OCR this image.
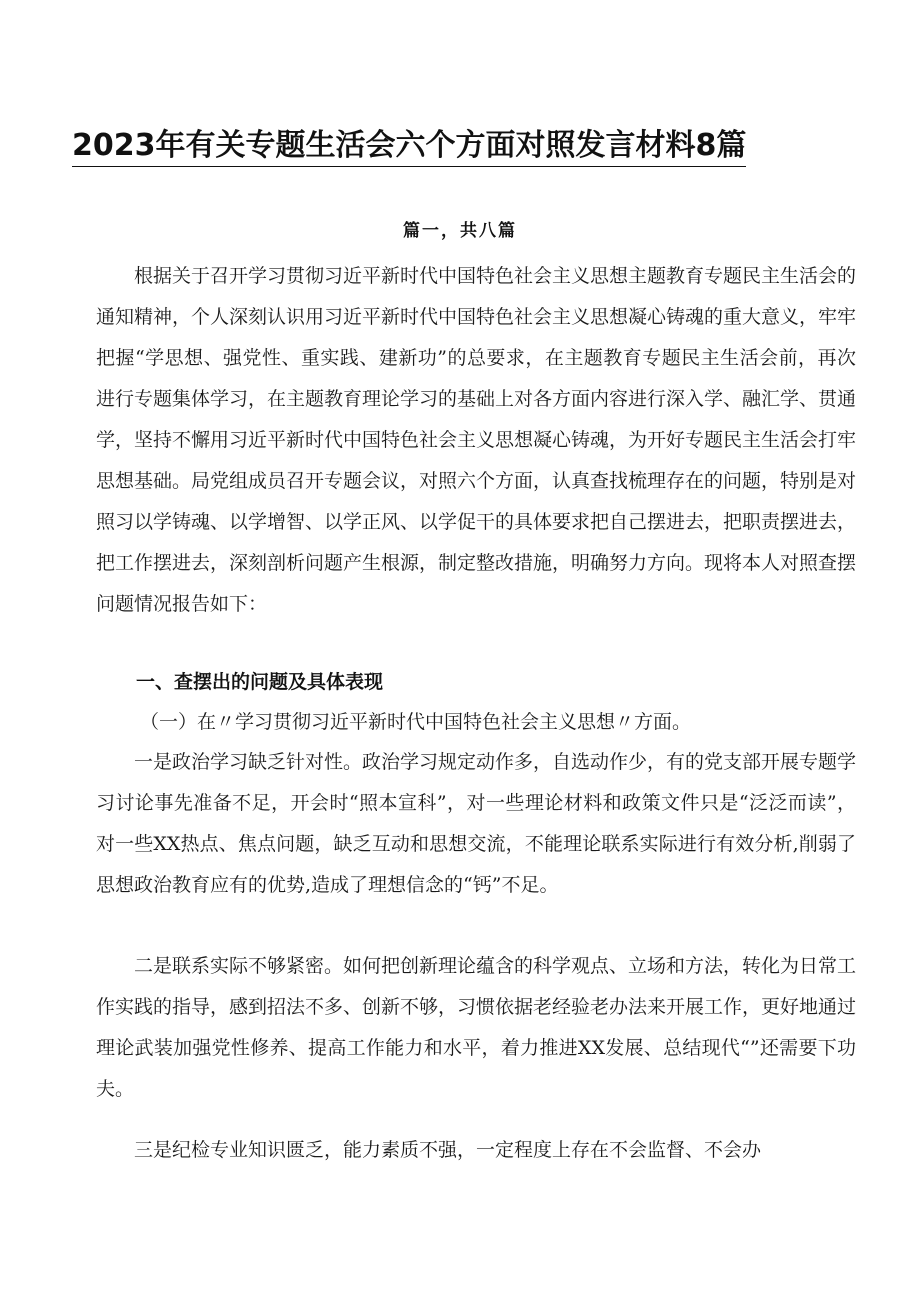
2023年有关专题生活会六个方面对照发言材料8篇
篇一，共八篇

根据关于召开学习贯彻习近平新时代中国特色社会主义思想主题教育专题民主生活会的通知精神，个人深刻认识用习近平新时代中国特色社会主义思想凝心铸魂的重大意义，牢牢把握“学思想、强党性、重实践、建新功”的总要求，在主题教育专题民主生活会前，再次进行专题集体学习，在主题教育理论学习的基础上对各方面内容进行深入学、融汇学、贯通学，坚持不懈用习近平新时代中国特色社会主义思想凝心铸魂，为开好专题民主生活会打牢思想基础。局党组成员召开专题会议，对照六个方面，认真查找梳理存在的问题，特别是对照习以学铸魂、以学增智、以学正风、以学促干的具体要求把自己摆进去，把职责摆进去，把工作摆进去，深刻剖析问题产生根源，制定整改措施，明确努力方向。现将本人对照查摆问题情况报告如下：

一、查摆出的问题及具体表现

（一）在〃学习贯彻习近平新时代中国特色社会主义思想〃方面。

一是政治学习缺乏针对性。政治学习规定动作多，自选动作少，有的党支部开展专题学习讨论事先准备不足，开会时“照本宣科”，对一些理论材料和政策文件只是“泛泛而读”，对一些XX热点、焦点问题，缺乏互动和思想交流，不能理论联系实际进行有效分析,削弱了思想政治教育应有的优势,造成了理想信念的“钙”不足。

二是联系实际不够紧密。如何把创新理论蕴含的科学观点、立场和方法，转化为日常工作实践的指导，感到招法不多、创新不够，习惯依据老经验老办法来开展工作，更好地通过理论武装加强党性修养、提高工作能力和水平，着力推进XX发展、总结现代“”还需要下功夫。

三是纪检专业知识匮乏，能力素质不强，一定程度上存在不会监督、不会办
